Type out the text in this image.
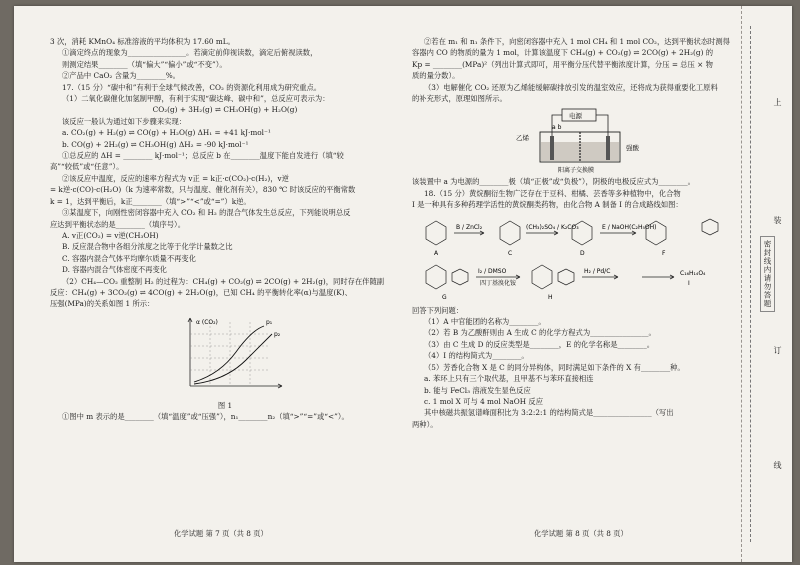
3 次，消耗 KMnO₄ 标准溶液的平均体积为 17.60 mL。
①滴定终点的现象为________________。若滴定前仰视读数，滴定后俯视读数，
则测定结果________（填“偏大”“偏小”或“不变”）。
②产品中 CaO₂ 含量为________%。
17.（15 分）“碳中和”有利于全球气候改善，CO₂ 的资源化利用成为研究重点。
（1）二氧化碳催化加氢制甲醇，有利于实现“碳达峰、碳中和”，总反应可表示为：
CO₂(g) + 3H₂(g) ⇌ CH₃OH(g) + H₂O(g)
该反应一般认为通过如下步骤来实现：
a. CO₂(g) + H₂(g) ⇌ CO(g) + H₂O(g) ΔH₁ = +41 kJ·mol⁻¹
b. CO(g) + 2H₂(g) ⇌ CH₃OH(g) ΔH₂ = -90 kJ·mol⁻¹
①总反应的 ΔH = ________ kJ·mol⁻¹；总反应 b 在________温度下能自发进行（填“较
高”“较低”或“任意”）。
②该反应中温度，反应的速率方程式为 v正 = k正·c(CO₂)·c(H₂)，v逆
= k逆·c(CO)·c(H₂O)（k 为速率常数，只与温度、催化剂有关），830 ℃ 时该反应的平衡常数
k = 1，达到平衡后，k正________（填“>”“<”或“=”）k逆。
③某温度下，向刚性密闭容器中充入 CO₂ 和 H₂ 的混合气体发生总反应，下列能说明总反
应达到平衡状态的是________（填序号）。
A. v正(CO₂) = v逆(CH₃OH)
B. 反应混合物中各组分浓度之比等于化学计量数之比
C. 容器内混合气体平均摩尔质量不再变化
D. 容器内混合气体密度不再变化
（2）CH₄—CO₂ 重整制 H₂ 的过程为：CH₄(g) + CO₂(g) ⇌ 2CO(g) + 2H₂(g)，同时存在伴随副
反应：CH₄(g) + 3CO₂(g) ⇌ 4CO(g) + 2H₂O(g)，已知 CH₄ 的平衡转化率(α)与温度(K)、
压强(MPa)的关系如图 1 所示：
α (CO₂)	p₁
p₂
图 1
①图中 m 表示的是________（填“温度”或“压强”），n₁________n₂（填“>”“=”或“<”）。
化学试题 第 7 页（共 8 页）
②若在 m₁ 和 n₁ 条件下，向密闭容器中充入 1 mol CH₄ 和 1 mol CO₂，达到平衡状态时测得
容器内 CO 的物质的量为 1 mol，计算该温度下 CH₄(g) + CO₂(g) ⇌ 2CO(g) + 2H₂(g) 的
Kp = ________(MPa)²（列出计算式即可，用平衡分压代替平衡浓度计算，分压 = 总压 × 物
质的量分数）。
（3）电解催化 CO₂ 还原为乙烯能缓解碳排放引发的温室效应，还将成为获得重要化工原料
的补充形式，原理如图所示。
电源
a b
乙烯
强酸
阳离子交换膜
该装置中 a 为电源的________极（填“正极”或“负极”），阴极的电极反应式为________。
18.（15 分）黄烷酮衍生物广泛存在于豆科、柑橘、芸香等多种植物中，化合物
I 是一种具有多种药理学活性的黄烷酮类药物，由化合物 A 制备 I 的合成路线如图：
A	C	D	F
G	H
B / ZnCl₂	(CH₃)₂SO₄ / K₂CO₃	E / NaOH(C₂H₅OH)
I₂ / DMSO
四丁基溴化铵
H₂ / Pd/C	C₁₆H₁₄O₄
I
回答下列问题：
（1）A 中官能团的名称为________。
（2）若 B 为乙酸酐则由 A 生成 C 的化学方程式为________________。
（3）由 C 生成 D 的反应类型是________，E 的化学名称是________。
（4）I 的结构简式为________。
（5）芳香化合物 X 是 C 的同分异构体，同时满足如下条件的 X 有________种。
a. 苯环上只有三个取代基，且甲基不与苯环直接相连
b. 能与 FeCl₃ 溶液发生显色反应
c. 1 mol X 可与 4 mol NaOH 反应
其中核磁共振氢谱峰面积比为 3:2:2:1 的结构简式是________________（写出
两种）。
化学试题 第 8 页（共 8 页）
上
装
订
线
密封线内请勿答题
